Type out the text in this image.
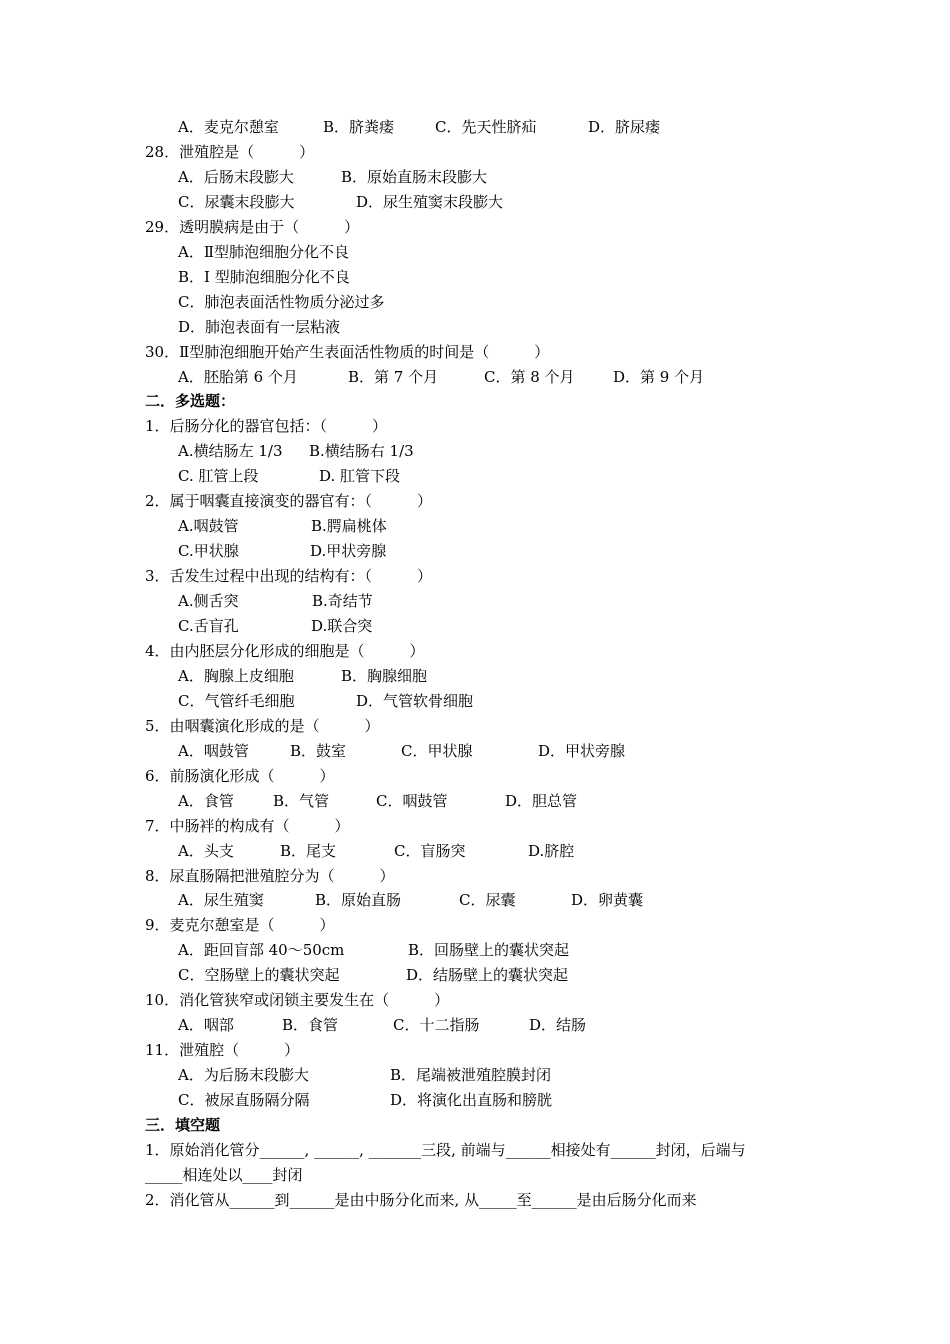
A．麦克尔憩室	B．脐粪瘘	C．先天性脐疝	D．脐尿瘘
28．泄殖腔是（　　　）
A．后肠末段膨大	B．原始直肠末段膨大
C．尿囊末段膨大	D．尿生殖窦末段膨大
29．透明膜病是由于（　　　）
A．Ⅱ型肺泡细胞分化不良
B．I 型肺泡细胞分化不良
C．肺泡表面活性物质分泌过多
D．肺泡表面有一层粘液
30．Ⅱ型肺泡细胞开始产生表面活性物质的时间是（　　　）
A．胚胎第 6 个月	B．第 7 个月	C．第 8 个月	D．第 9 个月
二．多选题：
1．后肠分化的器官包括：（　　　）
A.横结肠左 1/3 B.横结肠右 1/3
C. 肛管上段	D. 肛管下段
2．属于咽囊直接演变的器官有：（　　　）
A.咽鼓管	B.腭扁桃体
C.甲状腺	D.甲状旁腺
3．舌发生过程中出现的结构有：（　　　）
A.侧舌突	B.奇结节
C.舌盲孔	D.联合突
4．由内胚层分化形成的细胞是（　　　）
A．胸腺上皮细胞	B．胸腺细胞
C．气管纤毛细胞	D．气管软骨细胞
5．由咽囊演化形成的是（　　　）
A．咽鼓管	B．鼓室	C．甲状腺	D．甲状旁腺
6．前肠演化形成（　　　）
A．食管	B．气管	C．咽鼓管	D．胆总管
7．中肠袢的构成有（　　　）
A．头支	B．尾支	C．盲肠突	D.脐腔
8．尿直肠隔把泄殖腔分为（　　　）
A．尿生殖窦	B．原始直肠	C．尿囊	D．卵黄囊
9．麦克尔憩室是（　　　）
A．距回盲部 40～50cm	B．回肠壁上的囊状突起
C．空肠壁上的囊状突起	D．结肠壁上的囊状突起
10．消化管狭窄或闭锁主要发生在（　　　）
A．咽部	B．食管	C．十二指肠	D．结肠
11．泄殖腔（　　　）
A．为后肠末段膨大	B．尾端被泄殖腔膜封闭
C．被尿直肠隔分隔	D．将演化出直肠和膀胱
三．填空题
1．原始消化管分______, ______, _______三段, 前端与______相接处有______封闭，后端与
_____相连处以____封闭
2．消化管从______到______是由中肠分化而来, 从_____至______是由后肠分化而来
